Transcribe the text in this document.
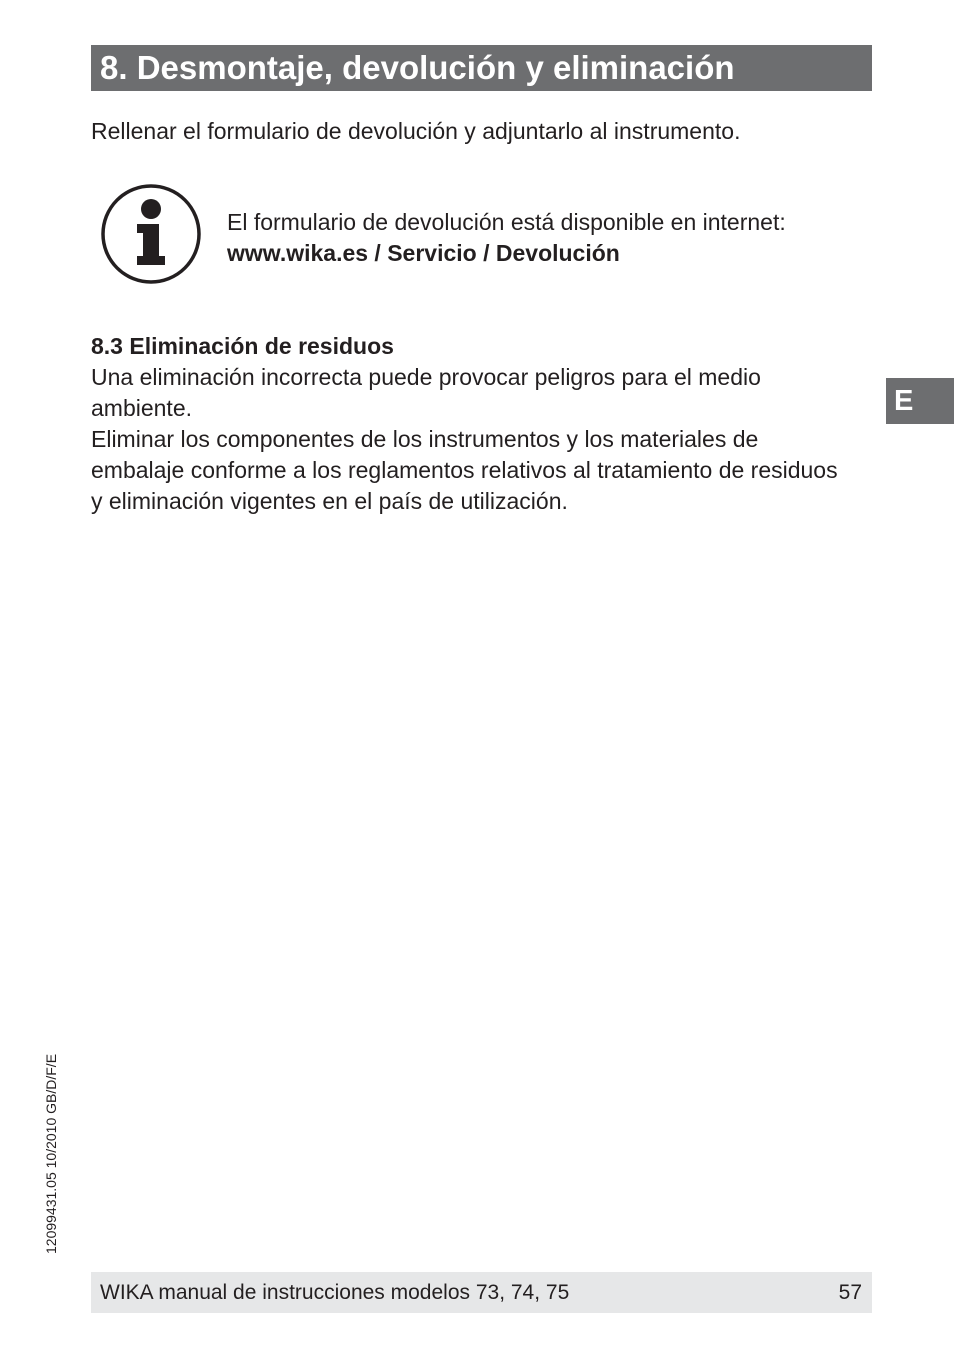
8. Desmontaje, devolución y eliminación

Rellenar el formulario de devolución y adjuntarlo al instrumento.

El formulario de devolución está disponible en internet:

www.wika.es / Servicio / Devolución

8.3 Eliminación de residuos

Una eliminación incorrecta puede provocar peligros para el medio ambiente.

Eliminar los componentes de los instrumentos y los materiales de embalaje conforme a los reglamentos relativos al tratamiento de residuos y eliminación vigentes en el país de utilización.

E
12099431.05 10/2010 GB/D/F/E
WIKA manual de instrucciones modelos 73, 74, 75	57
